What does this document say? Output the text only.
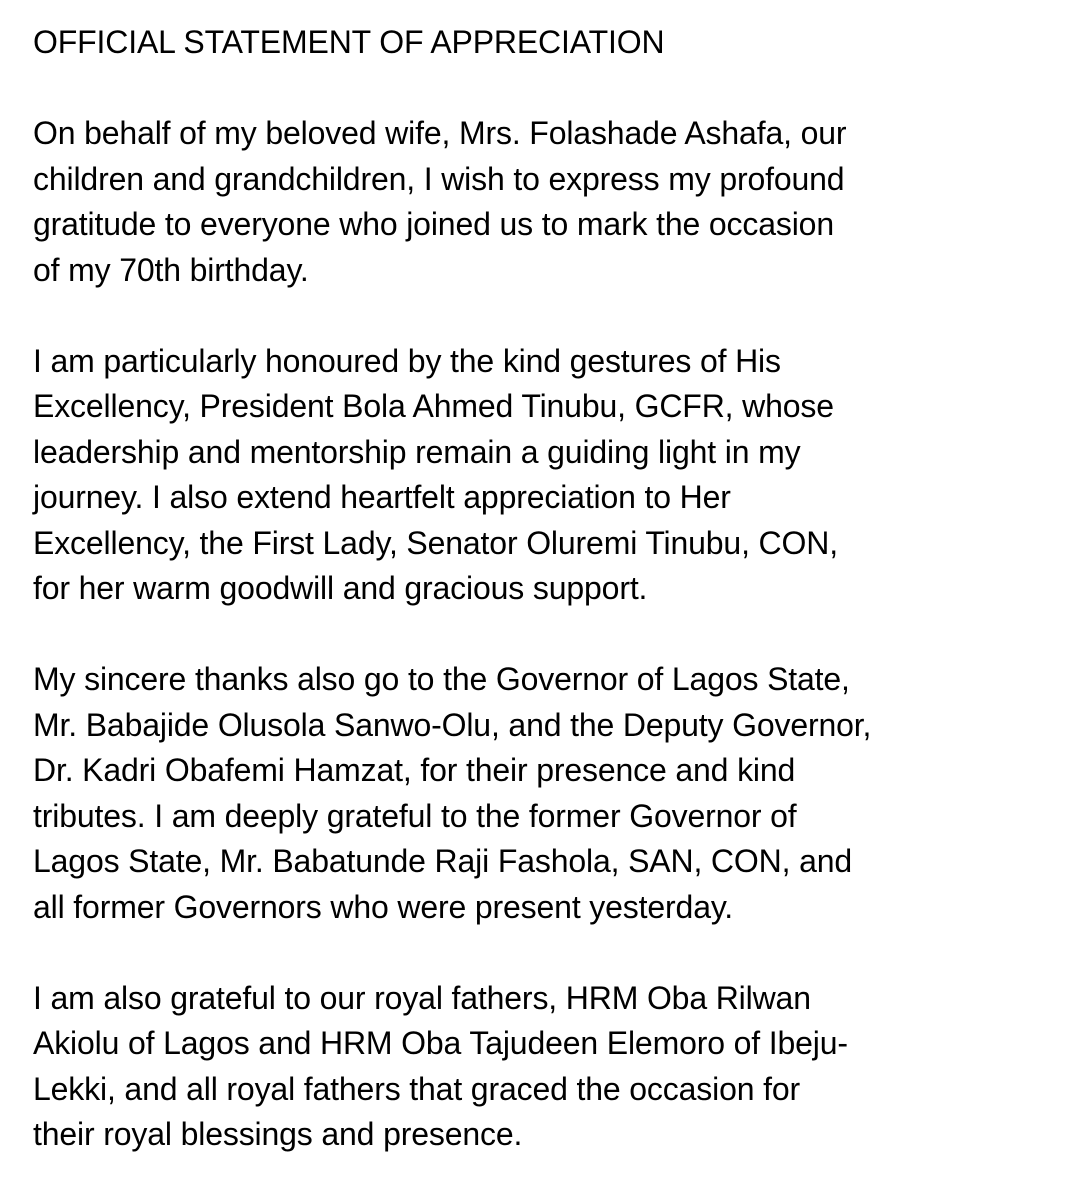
OFFICIAL STATEMENT OF APPRECIATION

On behalf of my beloved wife, Mrs. Folashade Ashafa, our
children and grandchildren, I wish to express my profound
gratitude to everyone who joined us to mark the occasion
of my 70th birthday.

I am particularly honoured by the kind gestures of His
Excellency, President Bola Ahmed Tinubu, GCFR, whose
leadership and mentorship remain a guiding light in my
journey. I also extend heartfelt appreciation to Her
Excellency, the First Lady, Senator Oluremi Tinubu, CON,
for her warm goodwill and gracious support.

My sincere thanks also go to the Governor of Lagos State,
Mr. Babajide Olusola Sanwo-Olu, and the Deputy Governor,
Dr. Kadri Obafemi Hamzat, for their presence and kind
tributes. I am deeply grateful to the former Governor of
Lagos State, Mr. Babatunde Raji Fashola, SAN, CON, and
all former Governors who were present yesterday.

I am also grateful to our royal fathers, HRM Oba Rilwan
Akiolu of Lagos and HRM Oba Tajudeen Elemoro of Ibeju-
Lekki, and all royal fathers that graced the occasion for
their royal blessings and presence.
